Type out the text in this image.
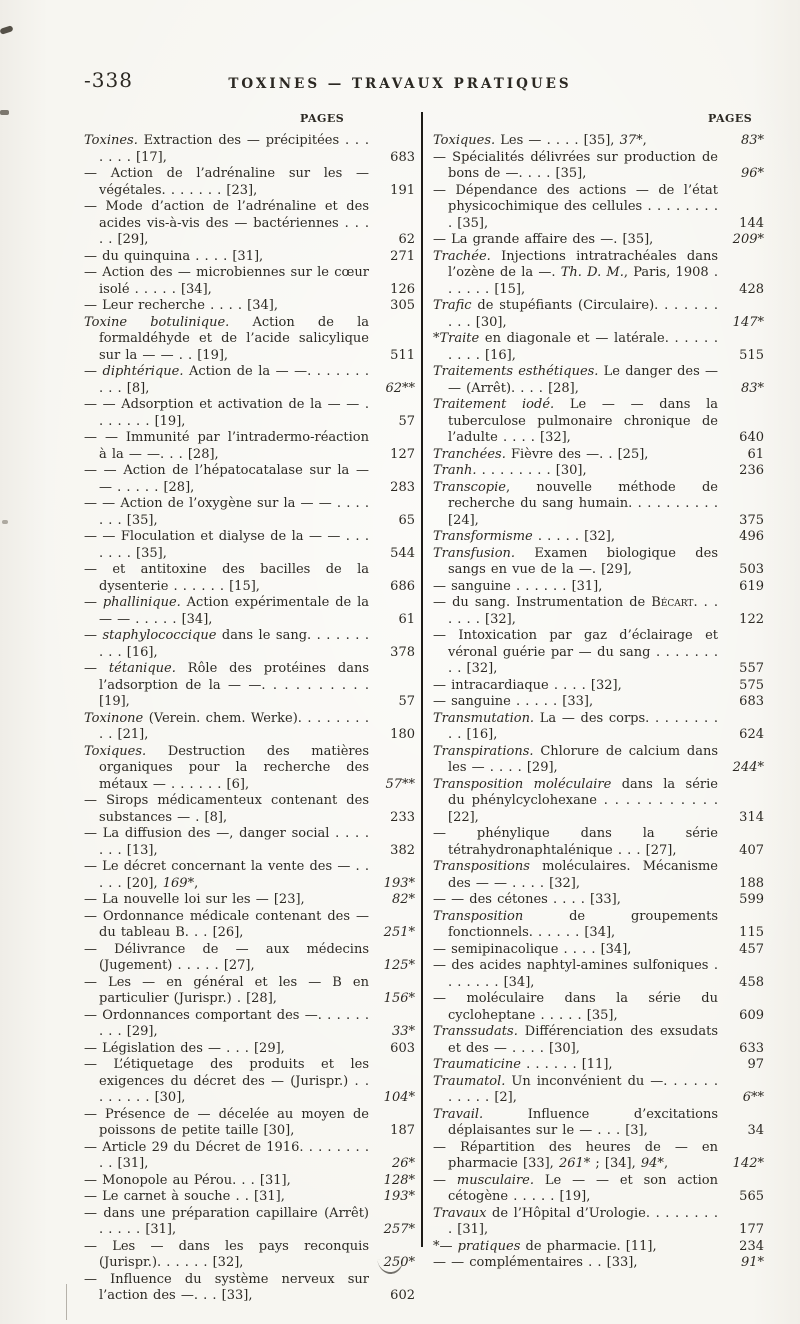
-338	TOXINES — TRAVAUX PRATIQUES
PAGES	PAGES
Toxines. Extraction des — précipitées . . . . . . . [17],	683
— Action de l’adrénaline sur les — végétales. . . . . . . [23],	191
— Mode d’action de l’adrénaline et des acides vis-à-vis des — bactériennes . . . . . [29],	62
— du quinquina . . . . [31],	271
— Action des — microbiennes sur le cœur isolé . . . . . [34],	126
— Leur recherche . . . . [34],	305
Toxine botulinique. Action de la formaldéhyde et de l’acide salicylique sur la — — . . [19],	511
— diphtérique. Action de la — —. . . . . . . . . . [8],	62**
— — Adsorption et activation de la — — . . . . . . . [19],	57
— — Immunité par l’intradermo-réaction à la — —. . . [28],	127
— — Action de l’hépatocatalase sur la — — . . . . . [28],	283
— — Action de l’oxygène sur la — — . . . . . . . [35],	65
— — Floculation et dialyse de la — — . . . . . . . [35],	544
— et antitoxine des bacilles de la dysenterie . . . . . . [15],	686
— phallinique. Action expérimentale de la — — . . . . . [34],	61
— staphylococcique dans le sang. . . . . . . . . . [16],	378
— tétanique. Rôle des protéines dans l’adsorption de la — —. . . . . . . . . . [19],	57
Toxinone (Verein. chem. Werke). . . . . . . . . . [21],	180
Toxiques. Destruction des matières organiques pour la recherche des métaux — . . . . . . [6],	57**
— Sirops médicamenteux contenant des substances — . [8],	233
— La diffusion des —, danger social . . . . . . . [13],	382
— Le décret concernant la vente des — . . . . . [20], 169*,	193*
— La nouvelle loi sur les — [23],	82*
— Ordonnance médicale contenant des — du tableau B. . . [26],	251*
— Délivrance de — aux médecins (Jugement) . . . . . [27],	125*
— Les — en général et les — B en particulier (Jurispr.) . [28],	156*
— Ordonnances comportant des —. . . . . . . . . [29],	33*
— Législation des — . . . [29],	603
— L’étiquetage des produits et les exigences du décret des — (Jurispr.) . . . . . . . . [30],	104*
— Présence de — décelée au moyen de poissons de petite taille [30],	187
— Article 29 du Décret de 1916. . . . . . . . . . [31],	26*
— Monopole au Pérou. . . [31],	128*
— Le carnet à souche . . [31],	193*
— dans une préparation capillaire (Arrêt) . . . . . [31],	257*
— Les — dans les pays reconquis (Jurispr.). . . . . . [32],	250*
— Influence du système nerveux sur l’action des —. . . [33],	602
Toxiques. Les — . . . . [35], 37*,	83*
— Spécialités délivrées sur production de bons de —. . . . [35],	96*
— Dépendance des actions — de l’état physicochimique des cellules . . . . . . . . . [35],	144
— La grande affaire des —. [35],	209*
Trachée. Injections intratrachéales dans l’ozène de la —. Th. D. M., Paris, 1908 . . . . . . [15],	428
Trafic de stupéfiants (Circulaire). . . . . . . . . . [30],	147*
*Traite en diagonale et — latérale. . . . . . . . . . [16],	515
Traitements esthétiques. Le danger des — — (Arrêt). . . . [28],	83*
Traitement iodé. Le — — dans la tuberculose pulmonaire chronique de l’adulte . . . . [32],	640
Tranchées. Fièvre des —. . [25],	61
Tranh. . . . . . . . . [30],	236
Transcopie, nouvelle méthode de recherche du sang humain. . . . . . . . . . [24],	375
Transformisme . . . . . [32],	496
Transfusion. Examen biologique des sangs en vue de la —. [29],	503
— sanguine . . . . . . [31],	619
— du sang. Instrumentation de Bécart. . . . . . . [32],	122
— Intoxication par gaz d’éclairage et véronal guérie par — du sang . . . . . . . . . [32],	557
— intracardiaque . . . . [32],	575
— sanguine . . . . . [33],	683
Transmutation. La — des corps. . . . . . . . . . [16],	624
Transpirations. Chlorure de calcium dans les — . . . . [29],	244*
Transposition moléculaire dans la série du phénylcyclohexane . . . . . . . . . . . [22],	314
— phénylique dans la série tétrahydronaphtalénique . . . [27],	407
Transpositions moléculaires. Mécanisme des — — . . . . [32],	188
— — des cétones . . . . [33],	599
Transposition de groupements fonctionnels. . . . . . [34],	115
— semipinacolique . . . . [34],	457
— des acides naphtyl-amines sulfoniques . . . . . . . [34],	458
— moléculaire dans la série du cycloheptane . . . . . [35],	609
Transsudats. Différenciation des exsudats et des — . . . . [30],	633
Traumaticine . . . . . . [11],	97
Traumatol. Un inconvénient du —. . . . . . . . . . . [2],	6**
Travail. Influence d’excitations déplaisantes sur le — . . . [3],	34
— Répartition des heures de — en pharmacie [33], 261* ; [34], 94*,	142*
— musculaire. Le — — et son action cétogène . . . . . [19],	565
Travaux de l’Hôpital d’Urologie. . . . . . . . . [31],	177
*— pratiques de pharmacie. [11],	234
— — complémentaires . . [33],	91*
